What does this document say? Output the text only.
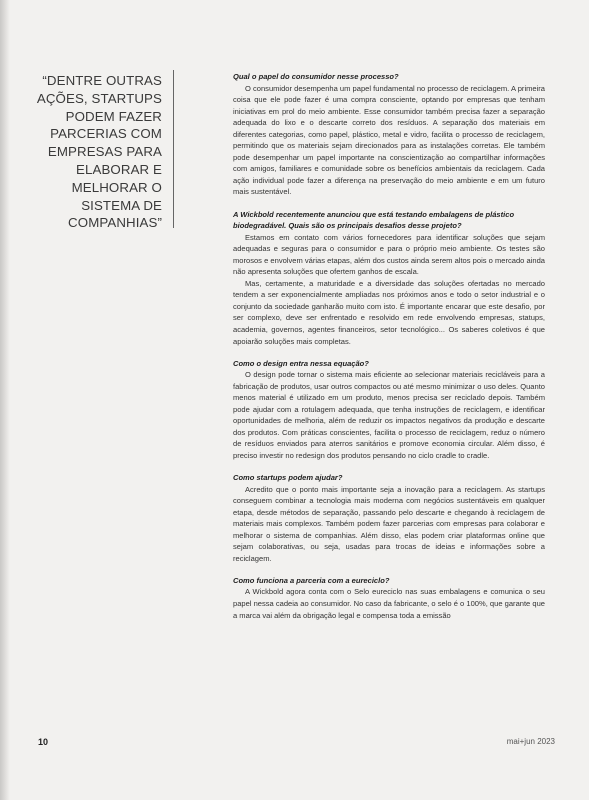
“DENTRE OUTRAS AÇÕES, STARTUPS PODEM FAZER PARCERIAS COM EMPRESAS PARA ELABORAR E MELHORAR O SISTEMA DE COMPANHIAS”

Qual o papel do consumidor nesse processo?

O consumidor desempenha um papel fundamental no processo de reciclagem. A primeira coisa que ele pode fazer é uma compra consciente, optando por empresas que tenham iniciativas em prol do meio ambiente. Esse consumidor também precisa fazer a separação adequada do lixo e o descarte correto dos resíduos. A separação dos materiais em diferentes categorias, como papel, plástico, metal e vidro, facilita o processo de reciclagem, permitindo que os materiais sejam direcionados para as instalações corretas. Ele também pode desempenhar um papel importante na conscientização ao compartilhar informações com amigos, familiares e comunidade sobre os benefícios ambientais da reciclagem. Cada ação individual pode fazer a diferença na preservação do meio ambiente e em um futuro mais sustentável.

A Wickbold recentemente anunciou que está testando embalagens de plástico biodegradável. Quais são os principais desafios desse projeto?

Estamos em contato com vários fornecedores para identificar soluções que sejam adequadas e seguras para o consumidor e para o próprio meio ambiente. Os testes são morosos e envolvem várias etapas, além dos custos ainda serem altos pois o mercado ainda não apresenta soluções que ofertem ganhos de escala.

Mas, certamente, a maturidade e a diversidade das soluções ofertadas no mercado tendem a ser exponencialmente ampliadas nos próximos anos e todo o setor industrial e o conjunto da sociedade ganharão muito com isto. É importante encarar que este desafio, por ser complexo, deve ser enfrentado e resolvido em rede envolvendo empresas, statups, academia, governos, agentes financeiros, setor tecnológico... Os saberes coletivos é que apoiarão soluções mais completas.

Como o design entra nessa equação?

O design pode tornar o sistema mais eficiente ao selecionar materiais recicláveis para a fabricação de produtos, usar outros compactos ou até mesmo minimizar o uso deles. Quanto menos material é utilizado em um produto, menos precisa ser reciclado depois. Também pode ajudar com a rotulagem adequada, que tenha instruções de reciclagem, e identificar oportunidades de melhoria, além de reduzir os impactos negativos da produção e descarte dos produtos. Com práticas conscientes, facilita o processo de reciclagem, reduz o número de resíduos enviados para aterros sanitários e promove economia circular. Além disso, é preciso investir no redesign dos produtos pensando no ciclo cradle to cradle.

Como startups podem ajudar?

Acredito que o ponto mais importante seja a inovação para a reciclagem. As startups conseguem combinar a tecnologia mais moderna com negócios sustentáveis em qualquer etapa, desde métodos de separação, passando pelo descarte e chegando à reciclagem de materiais mais complexos. Também podem fazer parcerias com empresas para colaborar e melhorar o sistema de companhias. Além disso, elas podem criar plataformas online que sejam colaborativas, ou seja, usadas para trocas de ideias e informações sobre a reciclagem.

Como funciona a parceria com a eureciclo?

A Wickbold agora conta com o Selo eureciclo nas suas embalagens e comunica o seu papel nessa cadeia ao consumidor. No caso da fabricante, o selo é o 100%, que garante que a marca vai além da obrigação legal e compensa toda a emissão

10	mai+jun 2023
